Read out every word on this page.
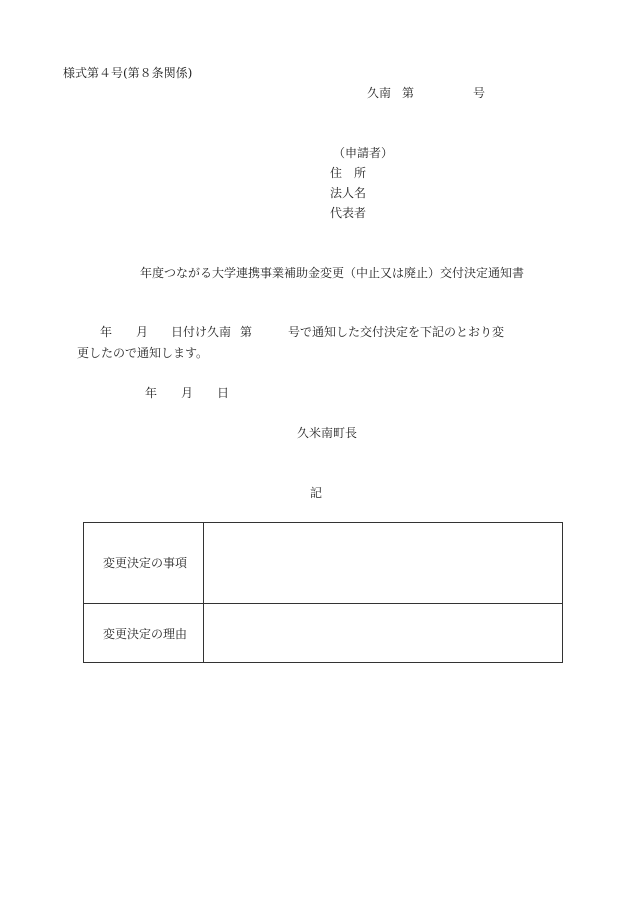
様式第４号(第８条関係)
久南 第	号
（申請者）
住　所
法人名
代表者
年度つながる大学連携事業補助金変更（中止又は廃止）交付決定通知書
年 月 日付け久南 第	号で通知した交付決定を下記のとおり変
更したので通知します。
年 月 日
久米南町長
記
変更決定の事項
変更決定の理由
